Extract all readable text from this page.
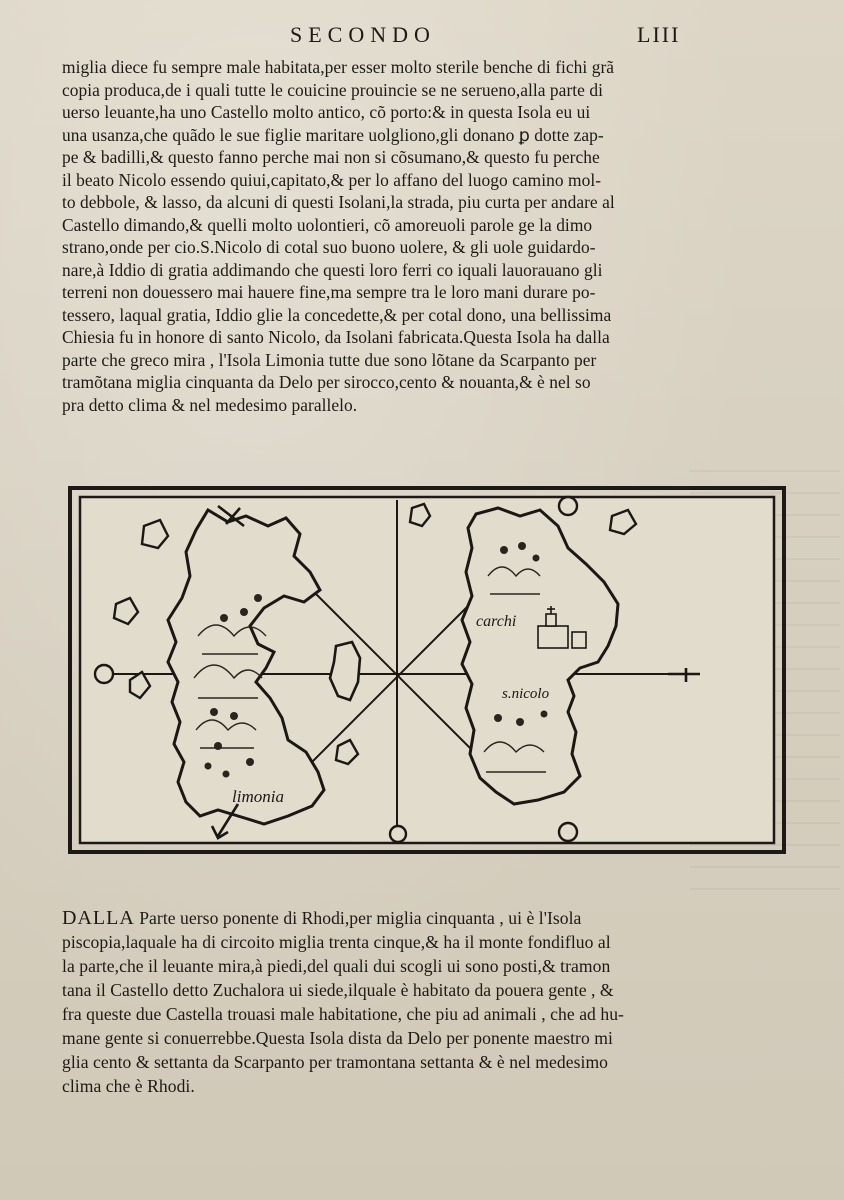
SECONDO	LIII
miglia diece fu sempre male habitata,per esser molto sterile benche di fichi grã
copia produca,de i quali tutte le couicine prouincie se ne serueno,alla parte di
uerso leuante,ha uno Castello molto antico, cõ porto:& in questa Isola eu ui
una usanza,che quãdo le sue figlie maritare uolgliono,gli donano ꝑ dotte zap-
pe & badilli,& questo fanno perche mai non si cõsumano,& questo fu perche
il beato Nicolo essendo quiui,capitato,& per lo affano del luogo camino mol-
to debbole, & lasso, da alcuni di questi Isolani,la strada, piu curta per andare al
Castello dimando,& quelli molto uolontieri, cõ amoreuoli parole ge la dimo
strano,onde per cio.S.Nicolo di cotal suo buono uolere, & gli uole guidardo-
nare,à Iddio di gratia addimando che questi loro ferri co iquali lauorauano gli
terreni non douessero mai hauere fine,ma sempre tra le loro mani durare po-
tessero, laqual gratia, Iddio glie la concedette,& per cotal dono, una bellissima
Chiesia fu in honore di santo Nicolo, da Isolani fabricata.Questa Isola ha dalla
parte che greco mira , l'Isola Limonia tutte due sono lõtane da Scarpanto per
tramõtana miglia cinquanta da Delo per sirocco,cento & nouanta,& è nel so
pra detto clima & nel medesimo parallelo.
limonia
carchi
s.nicolo
DALLA Parte uerso ponente di Rhodi,per miglia cinquanta , ui è l'Isola
piscopia,laquale ha di circoito miglia trenta cinque,& ha il monte fondifluo al
la parte,che il leuante mira,à piedi,del quali dui scogli ui sono posti,& tramon
tana il Castello detto Zuchalora ui siede,ilquale è habitato da pouera gente , &
fra queste due Castella trouasi male habitatione, che piu ad animali , che ad hu-
mane gente si conuerrebbe.Questa Isola dista da Delo per ponente maestro mi
glia cento & settanta da Scarpanto per tramontana settanta & è nel medesimo
clima che è Rhodi.
